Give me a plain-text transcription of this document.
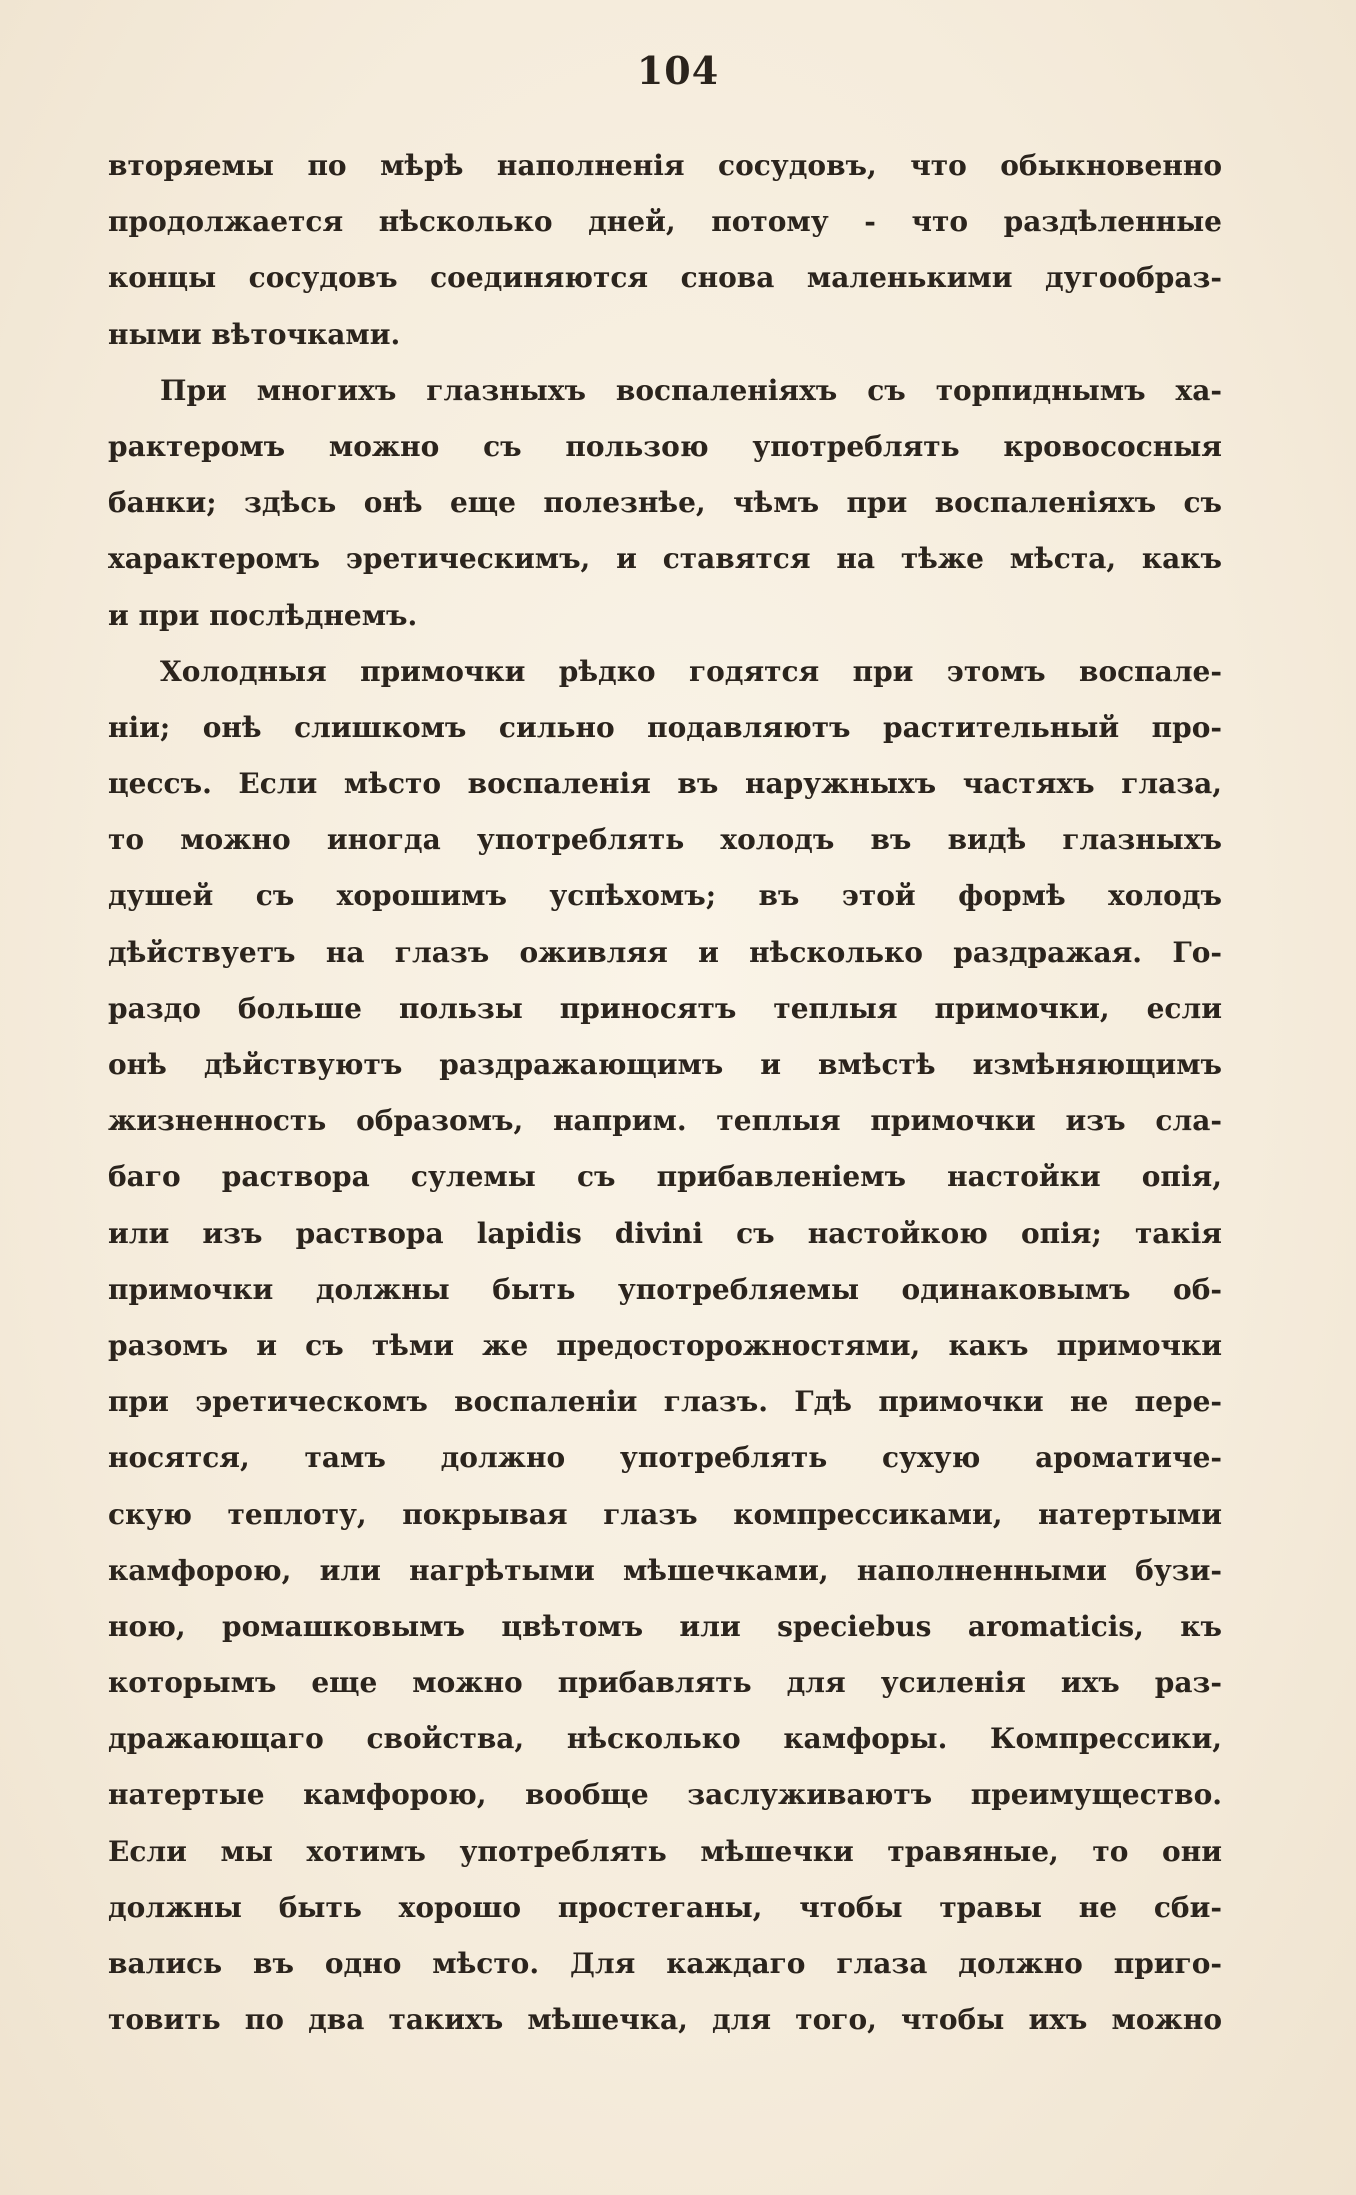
104
вторяемы по мѣрѣ наполненія сосудовъ, что обыкновенно
продолжается нѣсколько дней, потому - что раздѣленные
концы сосудовъ соединяются снова маленькими дугообраз-
ными вѣточками.
При многихъ глазныхъ воспаленіяхъ съ торпиднымъ ха-
рактеромъ можно съ пользою употреблять кровососныя
банки; здѣсь онѣ еще полезнѣе, чѣмъ при воспаленіяхъ съ
характеромъ эретическимъ, и ставятся на тѣже мѣста, какъ
и при послѣднемъ.
Холодныя примочки рѣдко годятся при этомъ воспале-
ніи; онѣ слишкомъ сильно подавляютъ растительный про-
цессъ. Если мѣсто воспаленія въ наружныхъ частяхъ глаза,
то можно иногда употреблять холодъ въ видѣ глазныхъ
душей съ хорошимъ успѣхомъ; въ этой формѣ холодъ
дѣйствуетъ на глазъ оживляя и нѣсколько раздражая. Го-
раздо больше пользы приносятъ теплыя примочки, если
онѣ дѣйствуютъ раздражающимъ и вмѣстѣ измѣняющимъ
жизненность образомъ, наприм. теплыя примочки изъ сла-
баго раствора сулемы съ прибавленіемъ настойки опія,
или изъ раствора lapidis divini съ настойкою опія; такія
примочки должны быть употребляемы одинаковымъ об-
разомъ и съ тѣми же предосторожностями, какъ примочки
при эретическомъ воспаленіи глазъ. Гдѣ примочки не пере-
носятся, тамъ должно употреблять сухую ароматиче-
скую теплоту, покрывая глазъ компрессиками, натертыми
камфорою, или нагрѣтыми мѣшечками, наполненными бузи-
ною, ромашковымъ цвѣтомъ или speciebus aromaticis, къ
которымъ еще можно прибавлять для усиленія ихъ раз-
дражающаго свойства, нѣсколько камфоры. Компрессики,
натертые камфорою, вообще заслуживаютъ преимущество.
Если мы хотимъ употреблять мѣшечки травяные, то они
должны быть хорошо простеганы, чтобы травы не сби-
вались въ одно мѣсто. Для каждаго глаза должно приго-
товить по два такихъ мѣшечка, для того, чтобы ихъ можно
